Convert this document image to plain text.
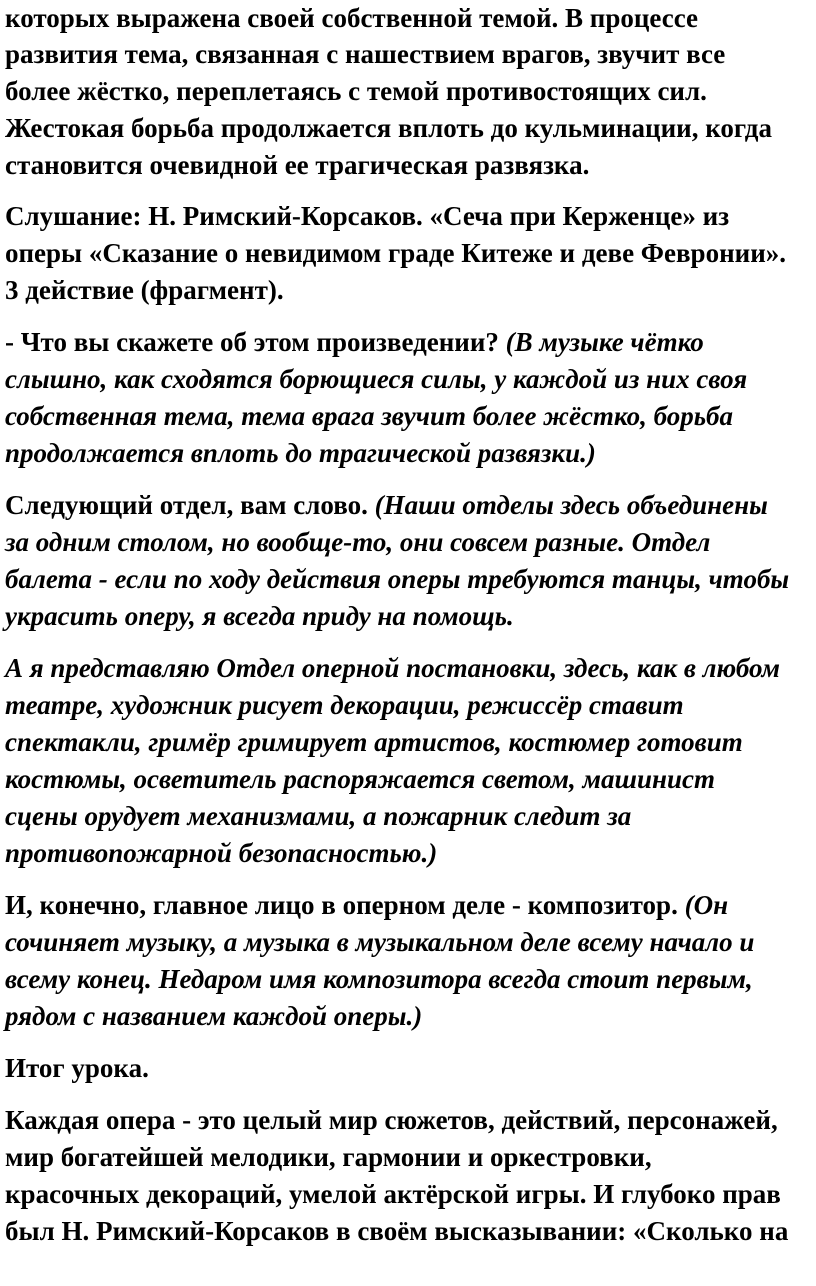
которых выражена своей собственной темой. В процессе
развития тема, связанная с нашествием врагов, звучит все
более жёстко, переплетаясь с темой противостоящих сил.
Жестокая борьба продолжается вплоть до кульминации, когда
становится очевидной ее трагическая развязка.
Слушание: Н. Римский-Корсаков. «Сеча при Керженце» из
оперы «Сказание о невидимом граде Китеже и деве Февронии».
3 действие (фрагмент).
- Что вы скажете об этом произведении? (В музыке чётко
слышно, как сходятся борющиеся силы, у каждой из них своя
собственная тема, тема врага звучит более жёстко, борьба
продолжается вплоть до трагической развязки.)
Следующий отдел, вам слово. (Наши отделы здесь объединены
за одним столом, но вообще-то, они совсем разные. Отдел
балета - если по ходу действия оперы требуются танцы, чтобы
украсить оперу, я всегда приду на помощь.
А я представляю Отдел оперной постановки, здесь, как в любом
театре, художник рисует декорации, режиссёр ставит
спектакли, гримёр гримирует артистов, костюмер готовит
костюмы, осветитель распоряжается светом, машинист
сцены орудует механизмами, а пожарник следит за
противопожарной безопасностью.)
И, конечно, главное лицо в оперном деле - композитор. (Он
сочиняет музыку, а музыка в музыкальном деле всему начало и
всему конец. Недаром имя композитора всегда стоит первым,
рядом с названием каждой оперы.)
Итог урока.
Каждая опера - это целый мир сюжетов, действий, персонажей,
мир богатейшей мелодики, гармонии и оркестровки,
красочных декораций, умелой актёрской игры. И глубоко прав
был Н. Римский-Корсаков в своём высказывании: «Сколько на
